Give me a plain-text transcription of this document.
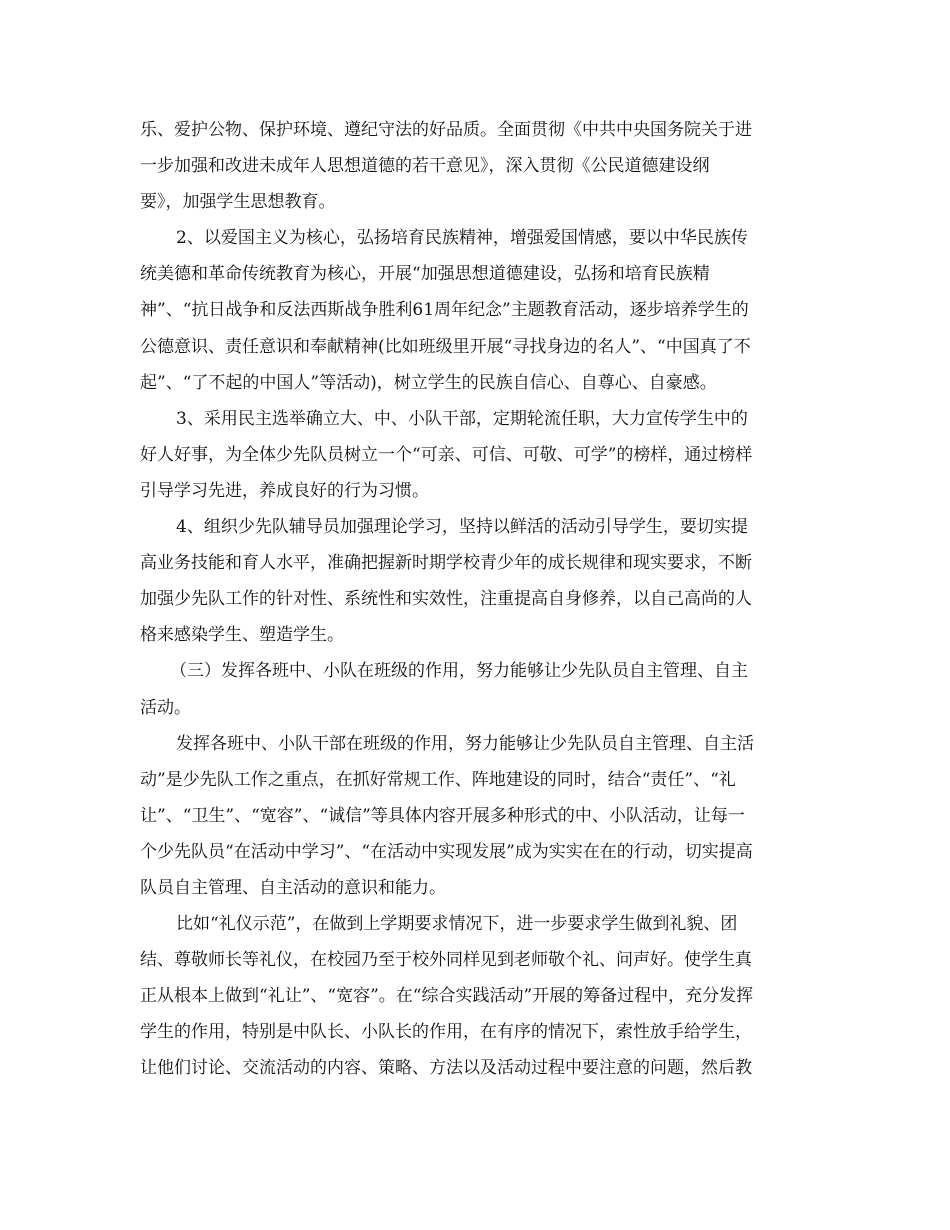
乐、爱护公物、保护环境、遵纪守法的好品质。全面贯彻《中共中央国务院关于进
一步加强和改进未成年人思想道德的若干意见》，深入贯彻《公民道德建设纲
要》，加强学生思想教育。
2、以爱国主义为核心，弘扬培育民族精神，增强爱国情感，要以中华民族传
统美德和革命传统教育为核心，开展“加强思想道德建设，弘扬和培育民族精
神”、“抗日战争和反法西斯战争胜利61周年纪念”主题教育活动，逐步培养学生的
公德意识、责任意识和奉献精神(比如班级里开展“寻找身边的名人”、“中国真了不
起”、“了不起的中国人”等活动)，树立学生的民族自信心、自尊心、自豪感。
3、采用民主选举确立大、中、小队干部，定期轮流任职，大力宣传学生中的
好人好事，为全体少先队员树立一个“可亲、可信、可敬、可学”的榜样，通过榜样
引导学习先进，养成良好的行为习惯。
4、组织少先队辅导员加强理论学习，坚持以鲜活的活动引导学生，要切实提
高业务技能和育人水平，准确把握新时期学校青少年的成长规律和现实要求，不断
加强少先队工作的针对性、系统性和实效性，注重提高自身修养，以自己高尚的人
格来感染学生、塑造学生。
（三）发挥各班中、小队在班级的作用，努力能够让少先队员自主管理、自主
活动。
发挥各班中、小队干部在班级的作用，努力能够让少先队员自主管理、自主活
动”是少先队工作之重点，在抓好常规工作、阵地建设的同时，结合“责任”、“礼
让”、“卫生”、“宽容”、“诚信”等具体内容开展多种形式的中、小队活动，让每一
个少先队员“在活动中学习”、“在活动中实现发展”成为实实在在的行动，切实提高
队员自主管理、自主活动的意识和能力。
比如“礼仪示范”，在做到上学期要求情况下，进一步要求学生做到礼貌、团
结、尊敬师长等礼仪，在校园乃至于校外同样见到老师敬个礼、问声好。使学生真
正从根本上做到“礼让”、“宽容”。在“综合实践活动”开展的筹备过程中，充分发挥
学生的作用，特别是中队长、小队长的作用，在有序的情况下，索性放手给学生，
让他们讨论、交流活动的内容、策略、方法以及活动过程中要注意的问题，然后教
